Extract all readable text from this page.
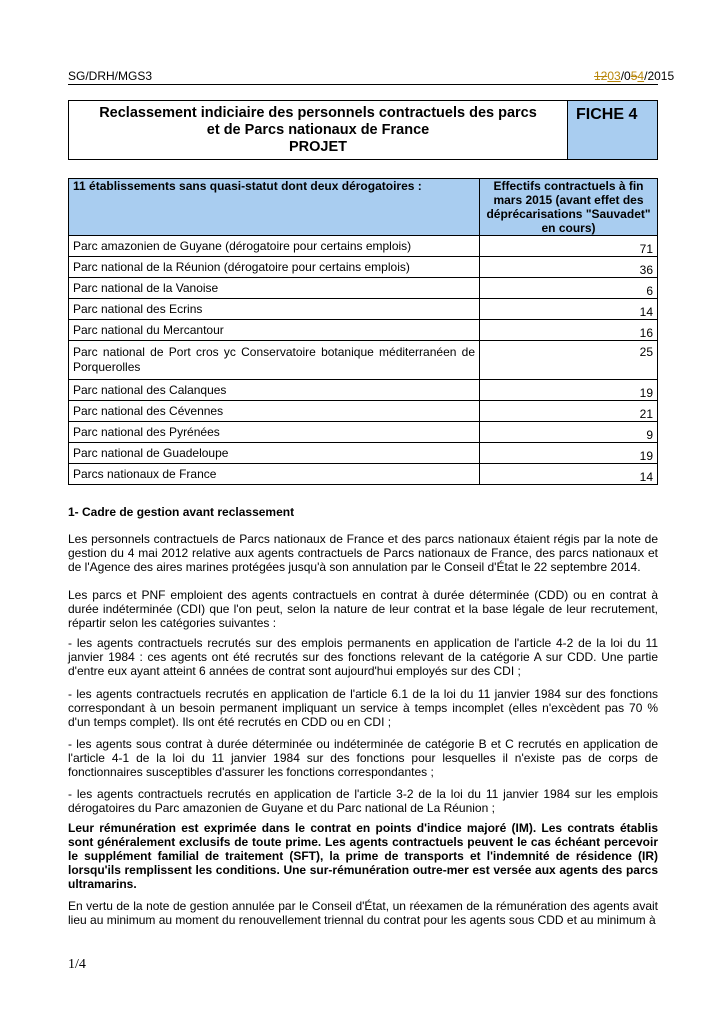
SG/DRH/MGS3	1203/054/2015
Reclassement indiciaire des personnels contractuels des parcs
et de Parcs nationaux de France
PROJET
FICHE 4
11 établissements sans quasi-statut dont deux dérogatoires :	Effectifs contractuels à fin mars 2015 (avant effet des déprécarisations "Sauvadet" en cours)
Parc amazonien de Guyane (dérogatoire pour certains emplois)	71
Parc national de la Réunion (dérogatoire pour certains emplois)	36
Parc national de la Vanoise	6
Parc national des Ecrins	14
Parc national du Mercantour	16
Parc national de Port cros yc Conservatoire botanique méditerranéen de Porquerolles	25
Parc national des Calanques	19
Parc national des Cévennes	21
Parc national des Pyrénées	9
Parc national de Guadeloupe	19
Parcs nationaux de France	14
1- Cadre de gestion avant reclassement
Les personnels contractuels de Parcs nationaux de France et des parcs nationaux étaient régis par la note de gestion du 4 mai 2012 relative aux agents contractuels de Parcs nationaux de France, des parcs nationaux et de l'Agence des aires marines protégées jusqu'à son annulation par le Conseil d'État le 22 septembre 2014.
Les parcs et PNF emploient des agents contractuels en contrat à durée déterminée (CDD) ou en contrat à durée indéterminée (CDI) que l'on peut, selon la nature de leur contrat et la base légale de leur recrutement, répartir selon les catégories suivantes :
- les agents contractuels recrutés sur des emplois permanents en application de l'article 4-2 de la loi du 11 janvier 1984 : ces agents ont été recrutés sur des fonctions relevant de la catégorie A sur CDD. Une partie d'entre eux ayant atteint 6 années de contrat sont aujourd'hui employés sur des CDI ;
- les agents contractuels recrutés en application de l'article 6.1 de la loi du 11 janvier 1984 sur des fonctions correspondant à un besoin permanent impliquant un service à temps incomplet (elles n'excèdent pas 70 % d'un temps complet). Ils ont été recrutés en CDD ou en CDI ;
- les agents sous contrat à durée déterminée ou indéterminée de catégorie B et C recrutés en application de l'article 4-1 de la loi du 11 janvier 1984 sur des fonctions pour lesquelles il n'existe pas de corps de fonctionnaires susceptibles d'assurer les fonctions correspondantes ;
- les agents contractuels recrutés en application de l'article 3-2 de la loi du 11 janvier 1984 sur les emplois dérogatoires du Parc amazonien de Guyane et du Parc national de La Réunion ;
Leur rémunération est exprimée dans le contrat en points d'indice majoré (IM). Les contrats établis sont généralement exclusifs de toute prime. Les agents contractuels peuvent le cas échéant percevoir le supplément familial de traitement (SFT), la prime de transports et l'indemnité de résidence (IR) lorsqu'ils remplissent les conditions. Une sur-rémunération outre-mer est versée aux agents des parcs ultramarins.
En vertu de la note de gestion annulée par le Conseil d'État, un réexamen de la rémunération des agents avait lieu au minimum au moment du renouvellement triennal du contrat pour les agents sous CDD et au minimum à
1/4
